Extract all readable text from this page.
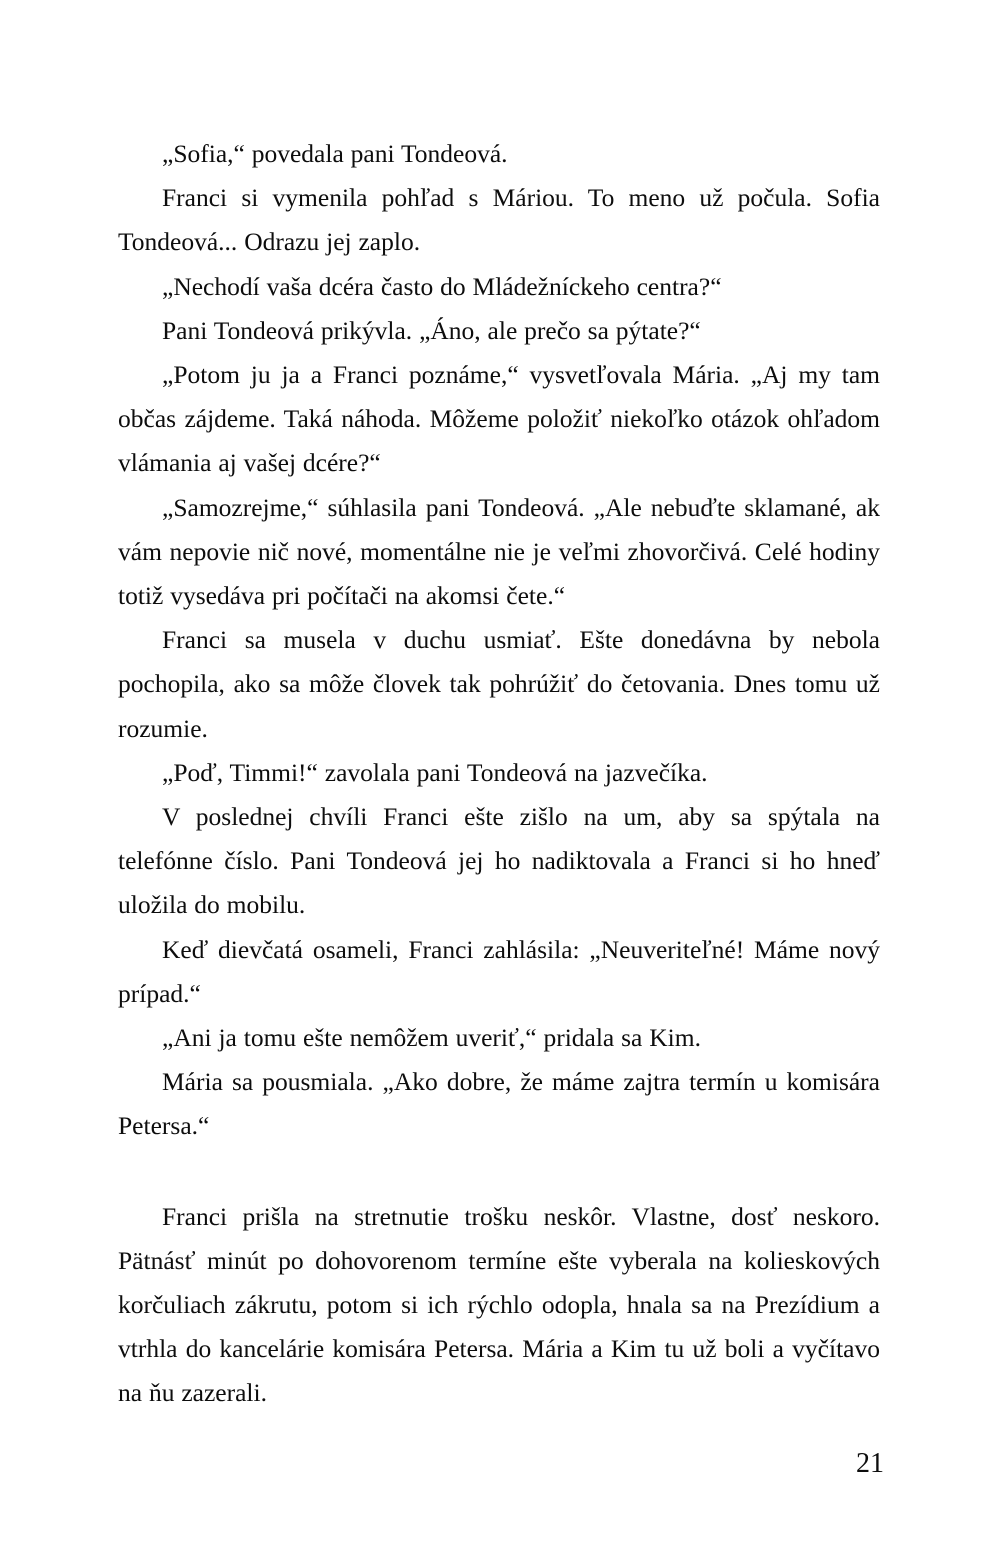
„Sofia,“ povedala pani Tondeová.

Franci si vymenila pohľad s Máriou. To meno už počula. Sofia Tondeová... Odrazu jej zaplo.

„Nechodí vaša dcéra často do Mládežníckeho centra?“

Pani Tondeová prikývla. „Áno, ale prečo sa pýtate?“

„Potom ju ja a Franci poznáme,“ vysvetľovala Mária. „Aj my tam občas zájdeme. Taká náhoda. Môžeme položiť niekoľko otázok ohľadom vlámania aj vašej dcére?“

„Samozrejme,“ súhlasila pani Tondeová. „Ale nebuďte sklamané, ak vám nepovie nič nové, momentálne nie je veľmi zhovorčivá. Celé hodiny totiž vysedáva pri počítači na akomsi čete.“

Franci sa musela v duchu usmiať. Ešte donedávna by nebola pochopila, ako sa môže človek tak pohrúžiť do četovania. Dnes tomu už rozumie.

„Poď, Timmi!“ zavolala pani Tondeová na jazvečíka.

V poslednej chvíli Franci ešte zišlo na um, aby sa spýtala na telefónne číslo. Pani Tondeová jej ho nadiktovala a Franci si ho hneď uložila do mobilu.

Keď dievčatá osameli, Franci zahlásila: „Neuveriteľné! Máme nový prípad.“

„Ani ja tomu ešte nemôžem uveriť,“ pridala sa Kim.

Mária sa pousmiala. „Ako dobre, že máme zajtra termín u komisára Petersa.“

Franci prišla na stretnutie trošku neskôr. Vlastne, dosť neskoro. Pätnásť minút po dohovorenom termíne ešte vyberala na kolieskových korčuliach zákrutu, potom si ich rýchlo odopla, hnala sa na Prezídium a vtrhla do kancelárie komisára Petersa. Mária a Kim tu už boli a vyčítavo na ňu zazerali.

21
